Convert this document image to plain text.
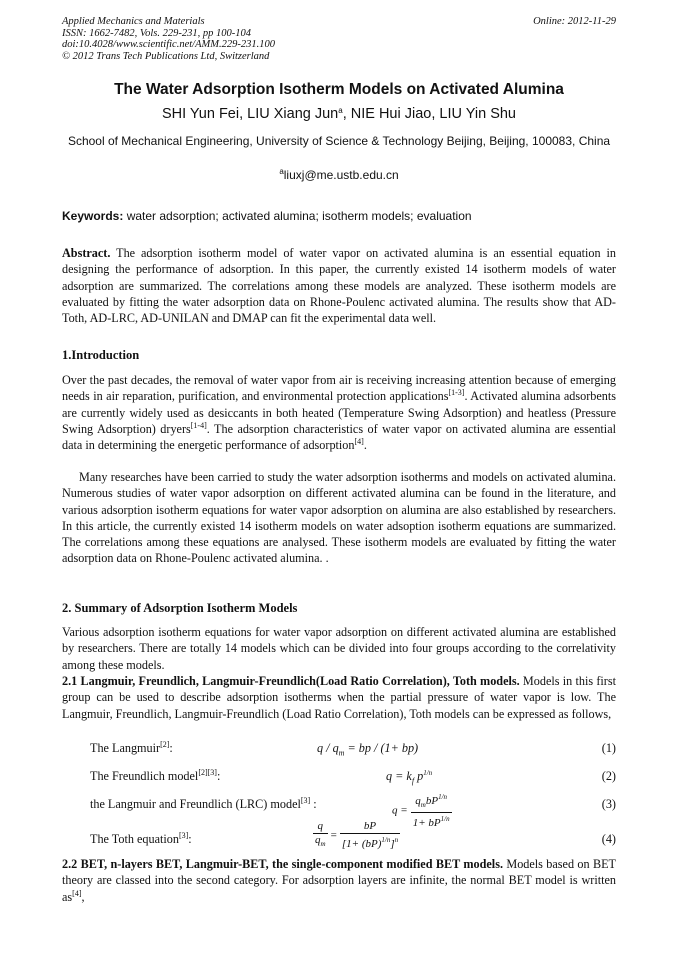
Applied Mechanics and Materials
ISSN: 1662-7482, Vols. 229-231, pp 100-104
doi:10.4028/www.scientific.net/AMM.229-231.100
© 2012 Trans Tech Publications Ltd, Switzerland
Online: 2012-11-29
The Water Adsorption Isotherm Models on Activated Alumina
SHI Yun Fei, LIU Xiang Jun$^a$, NIE Hui Jiao, LIU Yin Shu
School of Mechanical Engineering, University of Science & Technology Beijing, Beijing, 100083, China
$^a$liuxj@me.ustb.edu.cn
Keywords: water adsorption; activated alumina; isotherm models; evaluation
Abstract. The adsorption isotherm model of water vapor on activated alumina is an essential equation in designing the performance of adsorption. In this paper, the currently existed 14 isotherm models of water adsorption are summarized. The correlations among these models are analyzed. These isotherm models are evaluated by fitting the water adsorption data on Rhone-Poulenc activated alumina. The results show that AD-Toth, AD-LRC, AD-UNILAN and DMAP can fit the experimental data well.
1.Introduction
Over the past decades, the removal of water vapor from air is receiving increasing attention because of emerging needs in air reparation, purification, and environmental protection applications[1-3]. Activated alumina adsorbents are currently widely used as desiccants in both heated (Temperature Swing Adsorption) and heatless (Pressure Swing Adsorption) dryers[1-4]. The adsorption characteristics of water vapor on activated alumina are essential data in determining the energetic performance of adsorption[4].
Many researches have been carried to study the water adsorption isotherms and models on activated alumina. Numerous studies of water vapor adsorption on different activated alumina can be found in the literature, and various adsorption isotherm equations for water vapor adsorption on alumina are also established by researchers. In this article, the currently existed 14 isotherm models on water adsoption isotherm equations are summarized. The correlations among these equations are analysed. These isotherm models are evaluated by fitting the water adsorption data on Rhone-Poulenc activated alumina. .
2. Summary of Adsorption Isotherm Models
Various adsorption isotherm equations for water vapor adsorption on different activated alumina are established by researchers. There are totally 14 models which can be divided into four groups according to the correlativity among these models.
2.1 Langmuir, Freundlich, Langmuir-Freundlich(Load Ratio Correlation), Toth models. Models in this first group can be used to describe adsorption isotherms when the partial pressure of water vapor is low. The Langmuir, Freundlich, Langmuir-Freundlich (Load Ratio Correlation), Toth models can be expressed as follows,
The Langmuir[2]:	q / $q_m$ = bp / (1+ bp)	(1)
The Freundlich model[2][3]:	$q = k_f$ $p^{1/n}$	(2)
the Langmuir and Freundlich (LRC) model[3] :	$q = \frac{q_mbP^{1/n}}{1+ bP^{1/n}}$	(3)
The Toth equation[3]:	$\frac{q}{q_m} = \frac{bP}{[1+ (bP)^{1/n}]^n}$	(4)
2.2 BET, n-layers BET, Langmuir-BET, the single-component modified BET models. Models based on BET theory are classed into the second category. For adsorption layers are infinite, the normal BET model is written as[4],
